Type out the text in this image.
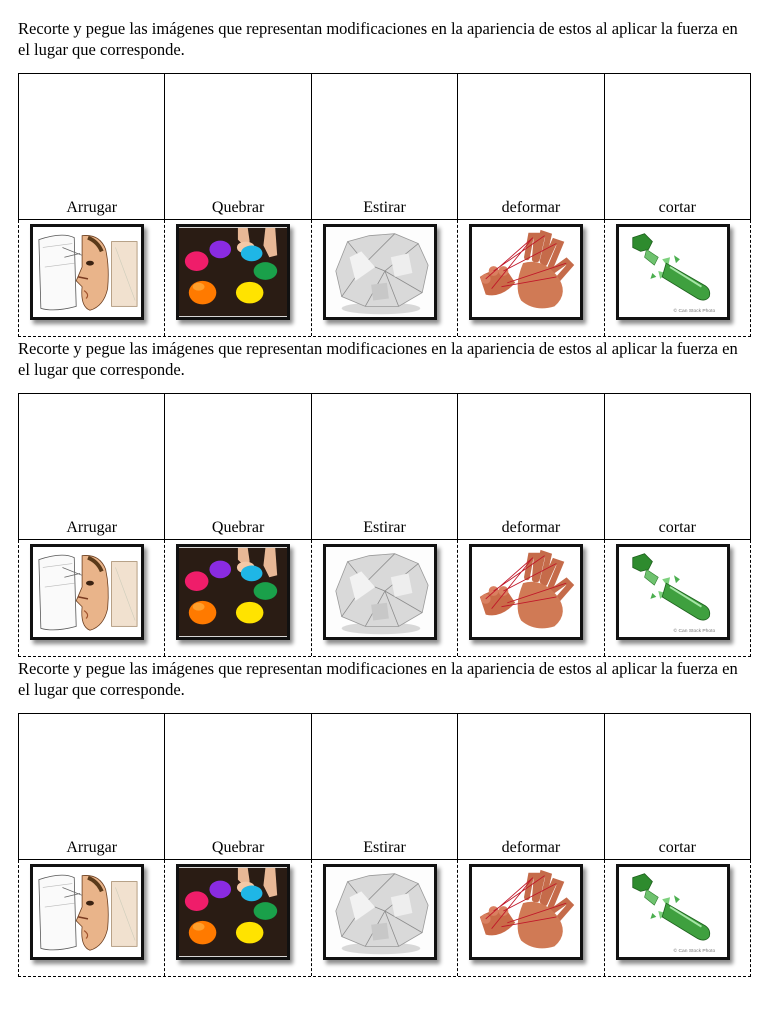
Recorte y pegue las imágenes que representan modificaciones en la apariencia de estos al aplicar la fuerza en el lugar que corresponde.

Arrugar	Quebrar	Estirar	deformar	cortar
© Can Stock Photo

Recorte y pegue las imágenes que representan modificaciones en la apariencia de estos al aplicar la fuerza en el lugar que corresponde.

Arrugar	Quebrar	Estirar	deformar	cortar
© Can Stock Photo

Recorte y pegue las imágenes que representan modificaciones en la apariencia de estos al aplicar la fuerza en el lugar que corresponde.

Arrugar	Quebrar	Estirar	deformar	cortar
© Can Stock Photo
